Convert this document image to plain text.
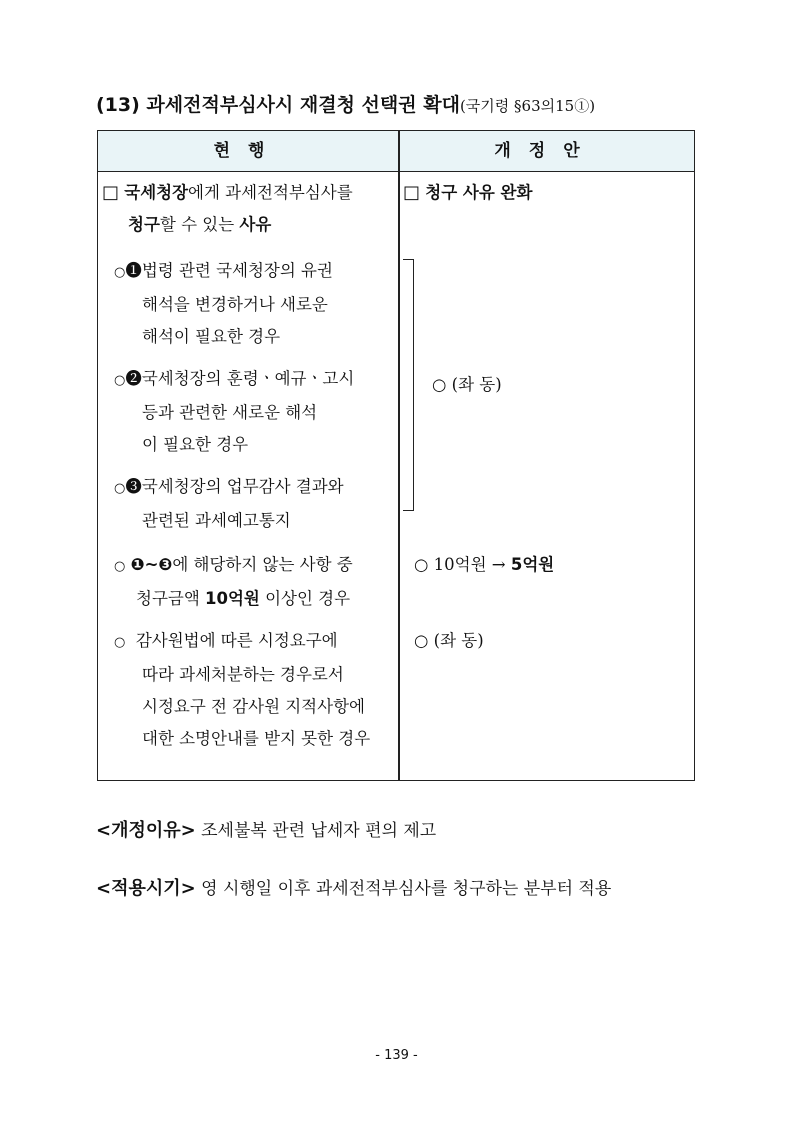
(13) 과세전적부심사시 재결청 선택권 확대(국기령 §63의15①)
현행	개정안
□ 국세청장에게 과세전적부심사를
청구할 수 있는 사유
○❶법령 관련 국세청장의 유권
해석을 변경하거나 새로운
해석이 필요한 경우
○❷국세청장의 훈령ㆍ예규ㆍ고시
등과 관련한 새로운 해석
이 필요한 경우
○❸국세청장의 업무감사 결과와
관련된 과세예고통지
○ ❶~❸에 해당하지 않는 사항 중
청구금액 10억원 이상인 경우
○ 감사원법에 따른 시정요구에
따라 과세처분하는 경우로서
시정요구 전 감사원 지적사항에
대한 소명안내를 받지 못한 경우
□ 청구 사유 완화
○ (좌 동)
○ 10억원 → 5억원
○ (좌 동)
<개정이유> 조세불복 관련 납세자 편의 제고
<적용시기> 영 시행일 이후 과세전적부심사를 청구하는 분부터 적용
- 139 -
